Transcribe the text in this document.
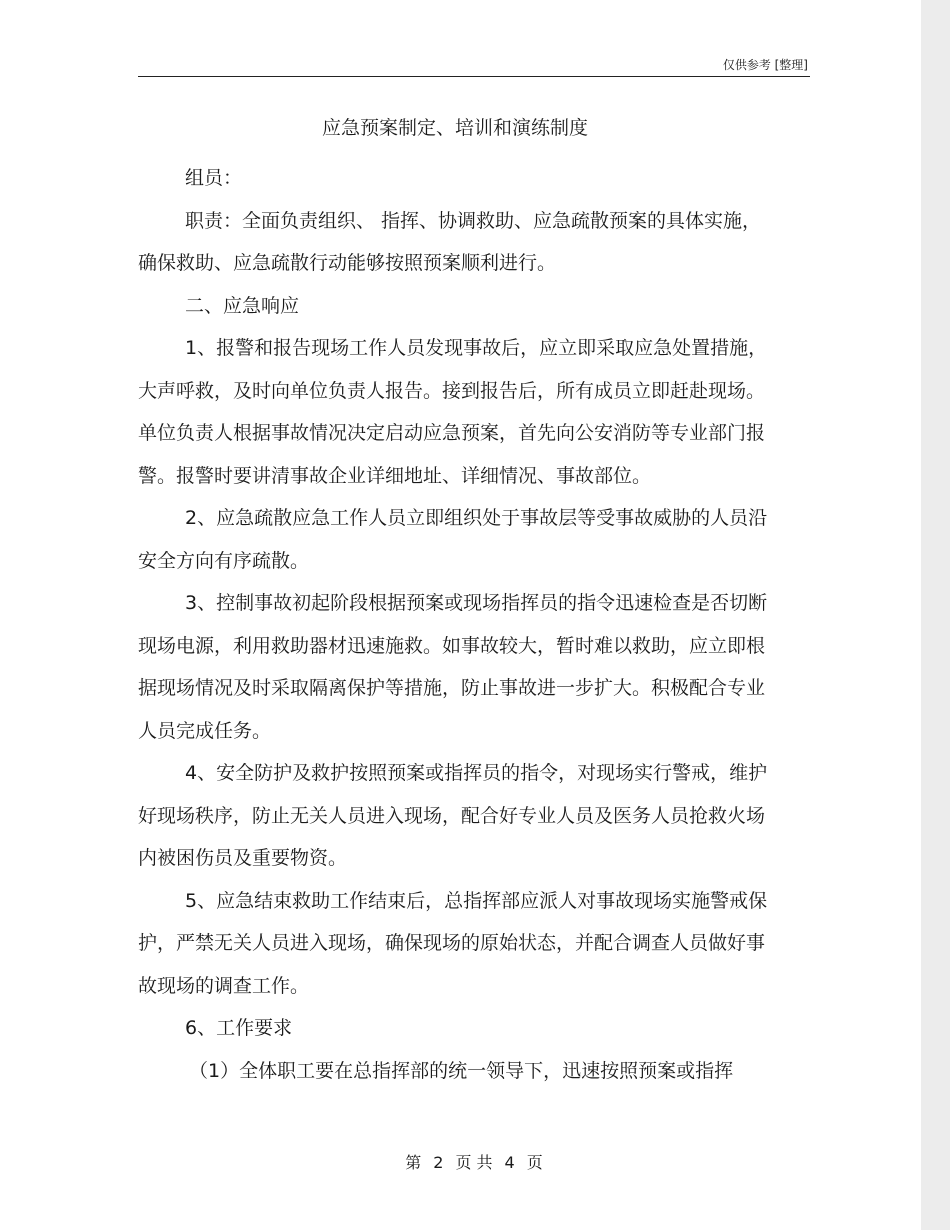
仅供参考 [整理]
应急预案制定、培训和演练制度

组员：

职责：全面负责组织、 指挥、协调救助、应急疏散预案的具体实施，确保救助、应急疏散行动能够按照预案顺利进行。

二、应急响应

1、报警和报告现场工作人员发现事故后，应立即采取应急处置措施，大声呼救，及时向单位负责人报告。接到报告后，所有成员立即赶赴现场。单位负责人根据事故情况决定启动应急预案，首先向公安消防等专业部门报警。报警时要讲清事故企业详细地址、详细情况、事故部位。

2、应急疏散应急工作人员立即组织处于事故层等受事故威胁的人员沿安全方向有序疏散。

3、控制事故初起阶段根据预案或现场指挥员的指令迅速检查是否切断现场电源，利用救助器材迅速施救。如事故较大，暂时难以救助，应立即根据现场情况及时采取隔离保护等措施，防止事故进一步扩大。积极配合专业人员完成任务。

4、安全防护及救护按照预案或指挥员的指令，对现场实行警戒，维护好现场秩序，防止无关人员进入现场，配合好专业人员及医务人员抢救火场内被困伤员及重要物资。

5、应急结束救助工作结束后，总指挥部应派人对事故现场实施警戒保护，严禁无关人员进入现场，确保现场的原始状态，并配合调查人员做好事故现场的调查工作。

6、工作要求

（1）全体职工要在总指挥部的统一领导下，迅速按照预案或指挥

第 2 页 共 4 页
